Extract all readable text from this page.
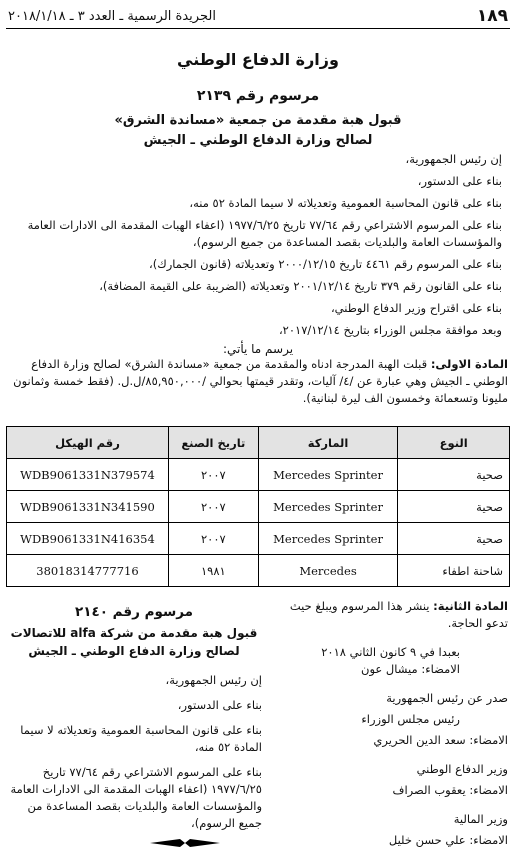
١٨٩
الجريدة الرسمية ـ العدد ٣ ـ ٢٠١٨/١/١٨
وزارة الدفاع الوطني
مرسوم رقم ٢١٣٩
قبول هبة مقدمة من جمعية «مساندة الشرق»
لصالح وزارة الدفاع الوطني ـ الجيش
إن رئيس الجمهورية،
بناء على الدستور،
بناء على قانون المحاسبة العمومية وتعديلاته لا سيما المادة ٥٢ منه،
بناء على المرسوم الاشتراعي رقم ٧٧/٦٤ تاريخ ١٩٧٧/٦/٢٥ (اعفاء الهبات المقدمة الى الادارات العامة
والمؤسسات العامة والبلديات بقصد المساعدة من جميع الرسوم)،
بناء على المرسوم رقم ٤٤٦١ تاريخ ٢٠٠٠/١٢/١٥ وتعديلاته (قانون الجمارك)،
بناء على القانون رقم ٣٧٩ تاريخ ٢٠٠١/١٢/١٤ وتعديلاته (الضريبة على القيمة المضافة)،
بناء على اقتراح وزير الدفاع الوطني،
وبعد موافقة مجلس الوزراء بتاريخ ٢٠١٧/١٢/١٤،
يرسم ما يأتي:
المادة الاولى: قبلت الهبة المدرجة ادناه والمقدمة من جمعية «مساندة الشرق» لصالح وزارة الدفاع الوطني ـ الجيش وهي عبارة عن /٤/ آليات، وتقدر قيمتها بحوالي /٨٥,٩٥٠,٠٠٠/ل.ل. (فقط خمسة وثمانون مليونا وتسعمائة وخمسون الف ليرة لبنانية).
النوع	الماركة	تاريخ الصنع	رقم الهيكل
صحية	Mercedes Sprinter	٢٠٠٧	WDB9061331N379574
صحية	Mercedes Sprinter	٢٠٠٧	WDB9061331N341590
صحية	Mercedes Sprinter	٢٠٠٧	WDB9061331N416354
شاحنة اطفاء	Mercedes	١٩٨١	38018314777716
المادة الثانية: ينشر هذا المرسوم ويبلغ حيث تدعو الحاجة.
بعبدا في ٩ كانون الثاني ٢٠١٨
الامضاء: ميشال عون
صدر عن رئيس الجمهورية
رئيس مجلس الوزراء
الامضاء: سعد الدين الحريري
وزير الدفاع الوطني
الامضاء: يعقوب الصراف
وزير المالية
الامضاء: علي حسن خليل
مرسوم رقم ٢١٤٠
قبول هبة مقدمة من شركة alfa للاتصالات
لصالح وزارة الدفاع الوطني ـ الجيش
إن رئيس الجمهورية،
بناء على الدستور،
بناء على قانون المحاسبة العمومية وتعديلاته لا سيما المادة ٥٢ منه،
بناء على المرسوم الاشتراعي رقم ٧٧/٦٤ تاريخ ١٩٧٧/٦/٢٥ (اعفاء الهبات المقدمة الى الادارات العامة والمؤسسات العامة والبلديات بقصد المساعدة من جميع الرسوم)،
